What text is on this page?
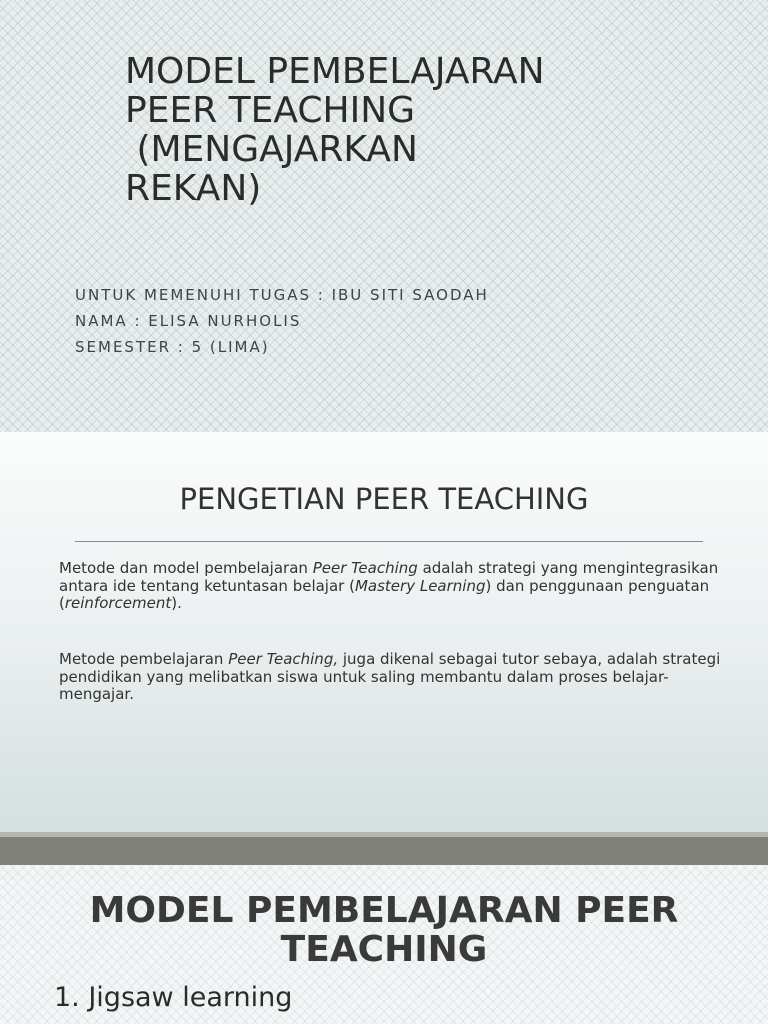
MODEL PEMBELAJARAN
PEER TEACHING
(MENGAJARKAN
REKAN)
UNTUK MEMENUHI TUGAS : IBU SITI SAODAH
NAMA : ELISA NURHOLIS
SEMESTER : 5 (LIMA)
PENGETIAN PEER TEACHING

Metode dan model pembelajaran Peer Teaching adalah strategi yang mengintegrasikan antara ide tentang ketuntasan belajar (Mastery Learning) dan penggunaan penguatan (reinforcement).

Metode pembelajaran Peer Teaching, juga dikenal sebagai tutor sebaya, adalah strategi pendidikan yang melibatkan siswa untuk saling membantu dalam proses belajar-mengajar.

MODEL PEMBELAJARAN PEER
TEACHING
1. Jigsaw learning
